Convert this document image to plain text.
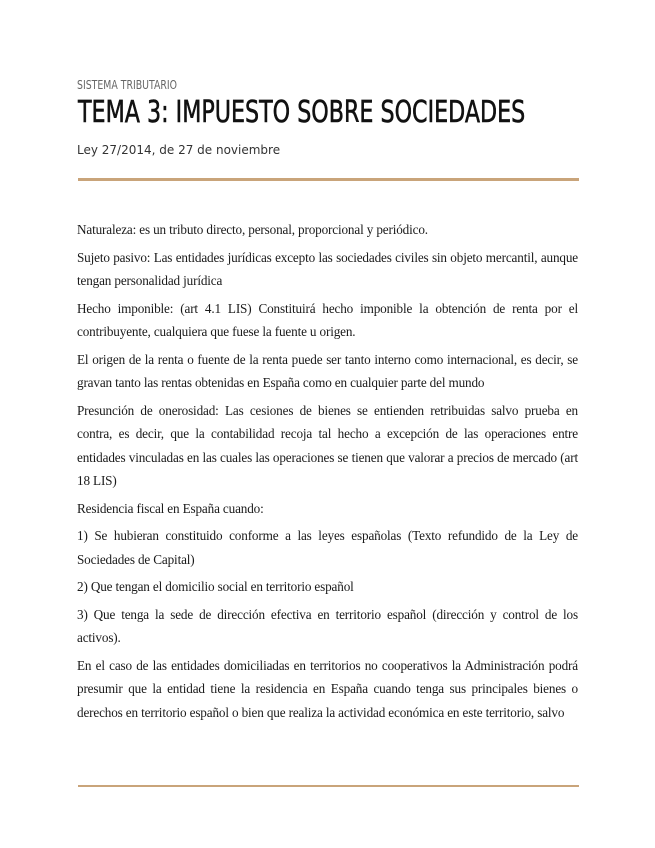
SISTEMA TRIBUTARIO
TEMA 3: IMPUESTO SOBRE SOCIEDADES
Ley 27/2014, de 27 de noviembre

Naturaleza: es un tributo directo, personal, proporcional y periódico.

Sujeto pasivo: Las entidades jurídicas excepto las sociedades civiles sin objeto mercantil, aunque tengan personalidad jurídica

Hecho imponible: (art 4.1 LIS) Constituirá hecho imponible la obtención de renta por el contribuyente, cualquiera que fuese la fuente u origen.

El origen de la renta o fuente de la renta puede ser tanto interno como internacional, es decir, se gravan tanto las rentas obtenidas en España como en cualquier parte del mundo

Presunción de onerosidad: Las cesiones de bienes se entienden retribuidas salvo prueba en contra, es decir, que la contabilidad recoja tal hecho a excepción de las operaciones entre entidades vinculadas en las cuales las operaciones se tienen que valorar a precios de mercado (art 18 LIS)

Residencia fiscal en España cuando:

1) Se hubieran constituido conforme a las leyes españolas (Texto refundido de la Ley de Sociedades de Capital)

2) Que tengan el domicilio social en territorio español

3) Que tenga la sede de dirección efectiva en territorio español (dirección y control de los activos).

En el caso de las entidades domiciliadas en territorios no cooperativos la Administración podrá presumir que la entidad tiene la residencia en España cuando tenga sus principales bienes o derechos en territorio español o bien que realiza la actividad económica en este territorio, salvo
